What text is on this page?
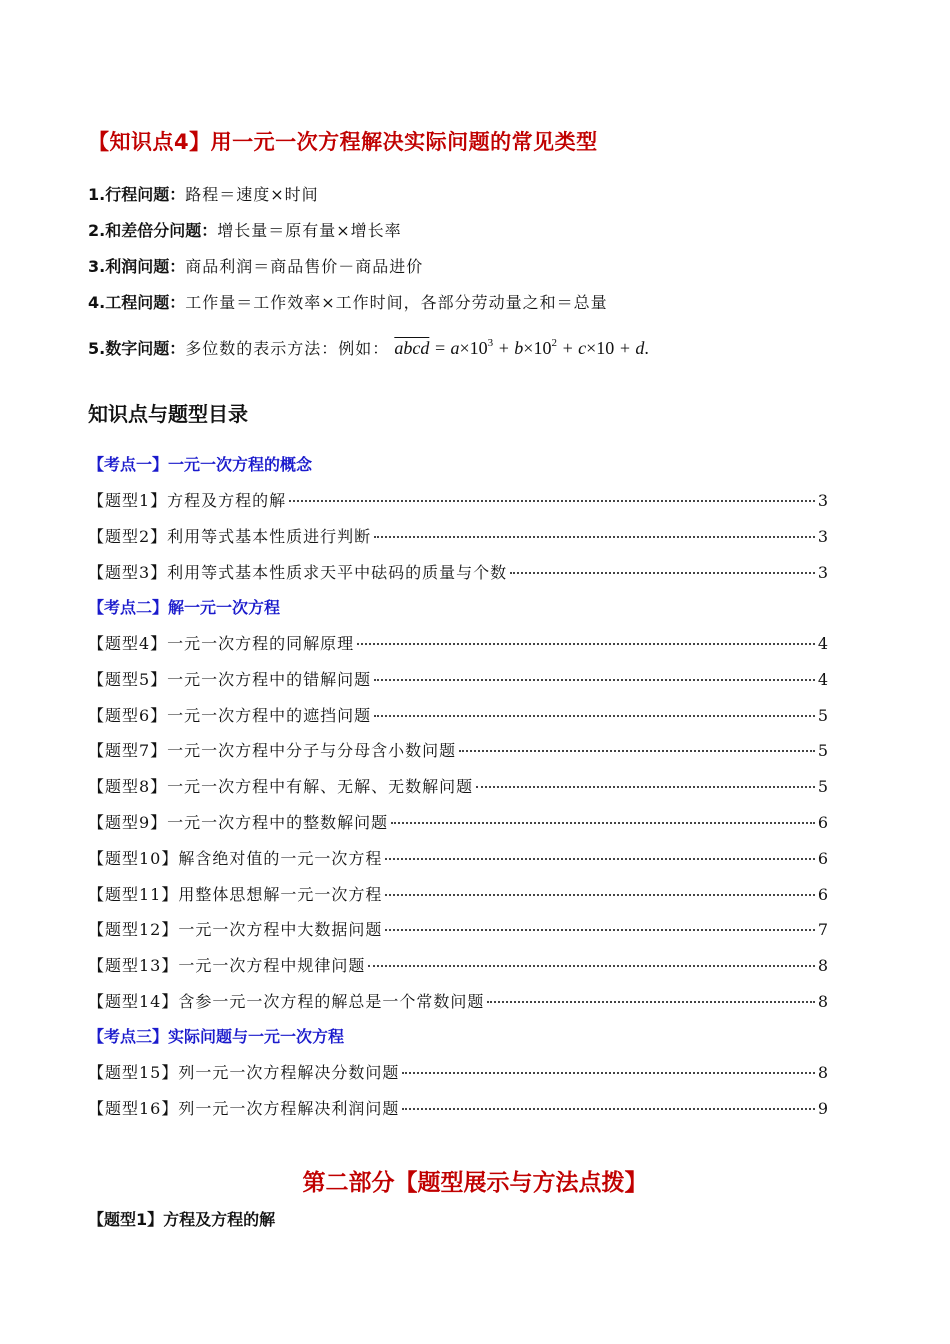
【知识点4】用一元一次方程解决实际问题的常见类型
1.行程问题：路程＝速度×时间
2.和差倍分问题：增长量＝原有量×增长率
3.利润问题：商品利润＝商品售价－商品进价
4.工程问题：工作量＝工作效率×工作时间，各部分劳动量之和＝总量
5.数字问题：多位数的表示方法：例如： abcd = $a\times 10^3 + b\times 10^2 + c\times 10 + d$.
知识点与题型目录
【考点一】一元一次方程的概念
【题型1】方程及方程的解	3
【题型2】利用等式基本性质进行判断	3
【题型3】利用等式基本性质求天平中砝码的质量与个数	3
【考点二】解一元一次方程
【题型4】一元一次方程的同解原理	4
【题型5】一元一次方程中的错解问题	4
【题型6】一元一次方程中的遮挡问题	5
【题型7】一元一次方程中分子与分母含小数问题	5
【题型8】一元一次方程中有解、无解、无数解问题	5
【题型9】一元一次方程中的整数解问题	6
【题型10】解含绝对值的一元一次方程	6
【题型11】用整体思想解一元一次方程	6
【题型12】一元一次方程中大数据问题	7
【题型13】一元一次方程中规律问题	8
【题型14】含参一元一次方程的解总是一个常数问题	8
【考点三】实际问题与一元一次方程
【题型15】列一元一次方程解决分数问题	8
【题型16】列一元一次方程解决利润问题	9
第二部分【题型展示与方法点拨】
【题型1】方程及方程的解
